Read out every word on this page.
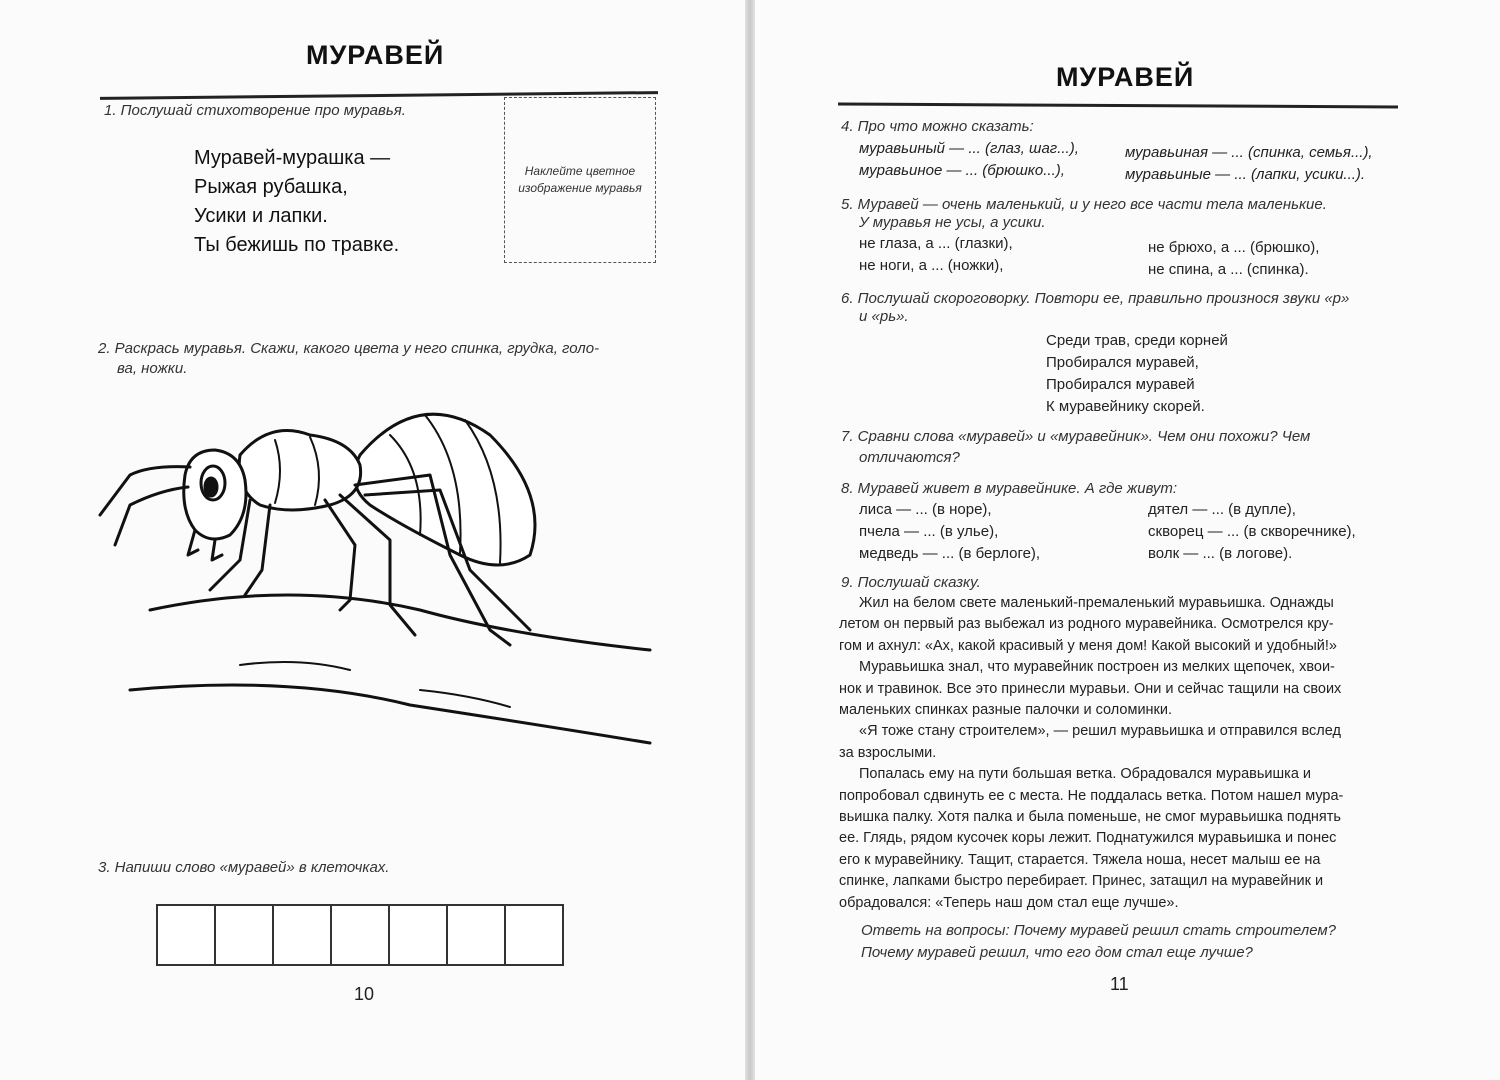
МУРАВЕЙ
1. Послушай стихотворение про муравья.
Муравей-мурашка —
Рыжая рубашка,
Усики и лапки.
Ты бежишь по травке.
Наклейте цветное изображение муравья
2. Раскрась муравья. Скажи, какого цвета у него спинка, грудка, голо-
ва, ножки.
3. Напиши слово «муравей» в клеточках.
10
МУРАВЕЙ
4. Про что можно сказать:
муравьиный — ... (глаз, шаг...),
муравьиное — ... (брюшко...),
муравьиная — ... (спинка, семья...),
муравьиные — ... (лапки, усики...).
5. Муравей — очень маленький, и у него все части тела маленькие.
У муравья не усы, а усики.
не глаза, а ... (глазки),
не ноги, а ... (ножки),
не брюхо, а ... (брюшко),
не спина, а ... (спинка).
6. Послушай скороговорку. Повтори ее, правильно произнося звуки «р»
и «рь».
Среди трав, среди корней
Пробирался муравей,
Пробирался муравей
К муравейнику скорей.
7. Сравни слова «муравей» и «муравейник». Чем они похожи? Чем
отличаются?
8. Муравей живет в муравейнике. А где живут:
лиса — ... (в норе),
пчела — ... (в улье),
медведь — ... (в берлоге),
дятел — ... (в дупле),
скворец — ... (в скворечнике),
волк — ... (в логове).
9. Послушай сказку.
Жил на белом свете маленький-премаленький муравьишка. Однажды
летом он первый раз выбежал из родного муравейника. Осмотрелся кру-
гом и ахнул: «Ах, какой красивый у меня дом! Какой высокий и удобный!»
Муравьишка знал, что муравейник построен из мелких щепочек, хвои-
нок и травинок. Все это принесли муравьи. Они и сейчас тащили на своих
маленьких спинках разные палочки и соломинки.
«Я тоже стану строителем», — решил муравьишка и отправился вслед
за взрослыми.
Попалась ему на пути большая ветка. Обрадовался муравьишка и
попробовал сдвинуть ее с места. Не поддалась ветка. Потом нашел мура-
вьишка палку. Хотя палка и была поменьше, не смог муравьишка поднять
ее. Глядь, рядом кусочек коры лежит. Поднатужился муравьишка и понес
его к муравейнику. Тащит, старается. Тяжела ноша, несет малыш ее на
спинке, лапками быстро перебирает. Принес, затащил на муравейник и
обрадовался: «Теперь наш дом стал еще лучше».
Ответь на вопросы: Почему муравей решил стать строителем?
Почему муравей решил, что его дом стал еще лучше?
11
